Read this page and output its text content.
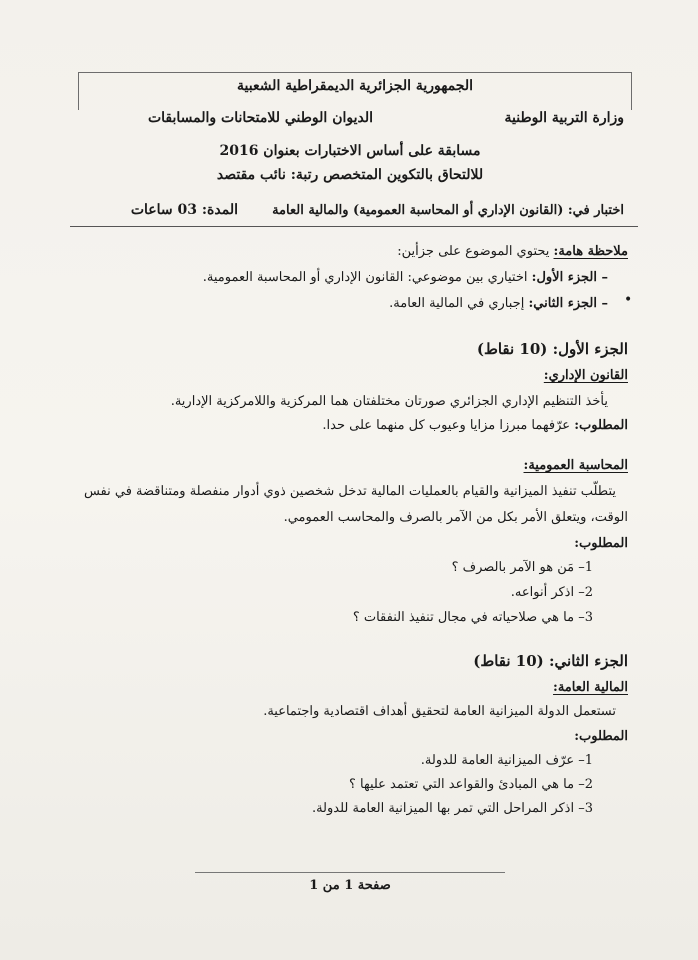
الجمهورية الجزائرية الديمقراطية الشعبية
وزارة التربية الوطنية
الديوان الوطني للامتحانات والمسابقات
مسابقة على أساس الاختبارات بعنوان 2016
للالتحاق بالتكوين المتخصص رتبة: نائب مقتصد
اختبار في: (القانون الإداري أو المحاسبة العمومية) والمالية العامة
المدة: 03 ساعات
ملاحظة هامة: يحتوي الموضوع على جزأين:
– الجزء الأول: اختياري بين موضوعي: القانون الإداري أو المحاسبة العمومية.
– الجزء الثاني: إجباري في المالية العامة.	•
الجزء الأول: (10 نقاط)
القانون الإداري:
يأخذ التنظيم الإداري الجزائري صورتان مختلفتان هما المركزية واللامركزية الإدارية.
المطلوب: عرّفهما مبرزا مزايا وعيوب كل منهما على حدا.
المحاسبة العمومية:
يتطلّب تنفيذ الميزانية والقيام بالعمليات المالية تدخل شخصين ذوي أدوار منفصلة ومتناقضة في نفس
الوقت، ويتعلق الأمر بكل من الآمر بالصرف والمحاسب العمومي.
المطلوب:
1– مَن هو الآمر بالصرف ؟
2– اذكر أنواعه.
3– ما هي صلاحياته في مجال تنفيذ النفقات ؟
الجزء الثاني: (10 نقاط)
المالية العامة:
تستعمل الدولة الميزانية العامة لتحقيق أهداف اقتصادية واجتماعية.
المطلوب:
1– عرّف الميزانية العامة للدولة.
2– ما هي المبادئ والقواعد التي تعتمد عليها ؟
3– اذكر المراحل التي تمر بها الميزانية العامة للدولة.
صفحة 1 من 1
